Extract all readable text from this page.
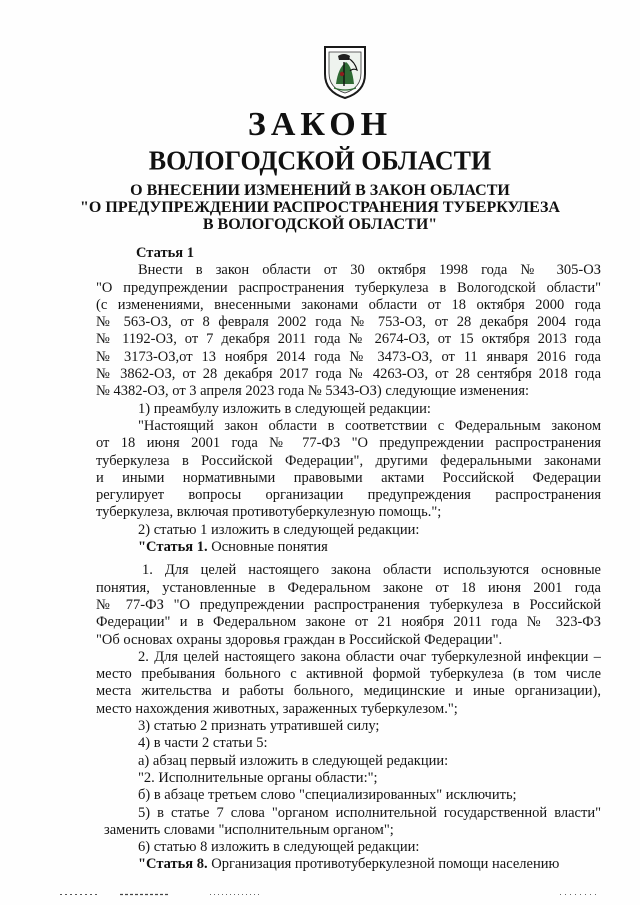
ЗАКОН
ВОЛОГОДСКОЙ ОБЛАСТИ
О ВНЕСЕНИИ ИЗМЕНЕНИЙ В ЗАКОН ОБЛАСТИ
"О ПРЕДУПРЕЖДЕНИИ РАСПРОСТРАНЕНИЯ ТУБЕРКУЛЕЗА
В ВОЛОГОДСКОЙ ОБЛАСТИ"
Статья 1
Внести в закон области от 30 октября 1998 года № 305-ОЗ
"О предупреждении распространения туберкулеза в Вологодской области"
(с изменениями, внесенными законами области от 18 октября 2000 года
№ 563-ОЗ, от 8 февраля 2002 года № 753-ОЗ, от 28 декабря 2004 года
№ 1192-ОЗ, от 7 декабря 2011 года № 2674-ОЗ, от 15 октября 2013 года
№ 3173-ОЗ,от 13 ноября 2014 года № 3473-ОЗ, от 11 января 2016 года
№ 3862-ОЗ, от 28 декабря 2017 года № 4263-ОЗ, от 28 сентября 2018 года
№ 4382-ОЗ, от 3 апреля 2023 года № 5343-ОЗ) следующие изменения:
1) преамбулу изложить в следующей редакции:
"Настоящий закон области в соответствии с Федеральным законом
от 18 июня 2001 года № 77-ФЗ "О предупреждении распространения
туберкулеза в Российской Федерации", другими федеральными законами
и иными нормативными правовыми актами Российской Федерации
регулирует вопросы организации предупреждения распространения
туберкулеза, включая противотуберкулезную помощь.";
2) статью 1 изложить в следующей редакции:
"Статья 1. Основные понятия
1. Для целей настоящего закона области используются основные
понятия, установленные в Федеральном законе от 18 июня 2001 года
№ 77-ФЗ "О предупреждении распространения туберкулеза в Российской
Федерации" и в Федеральном законе от 21 ноября 2011 года № 323-ФЗ
"Об основах охраны здоровья граждан в Российской Федерации".
2. Для целей настоящего закона области очаг туберкулезной инфекции –
место пребывания больного с активной формой туберкулеза (в том числе
места жительства и работы больного, медицинские и иные организации),
место нахождения животных, зараженных туберкулезом.";
3) статью 2 признать утратившей силу;
4) в части 2 статьи 5:
а) абзац первый изложить в следующей редакции:
"2. Исполнительные органы области:";
б) в абзаце третьем слово "специализированных" исключить;
5) в статье 7 слова "органом исполнительной государственной власти"
заменить словами "исполнительным органом";
6) статью 8 изложить в следующей редакции:
"Статья 8. Организация противотуберкулезной помощи населению
